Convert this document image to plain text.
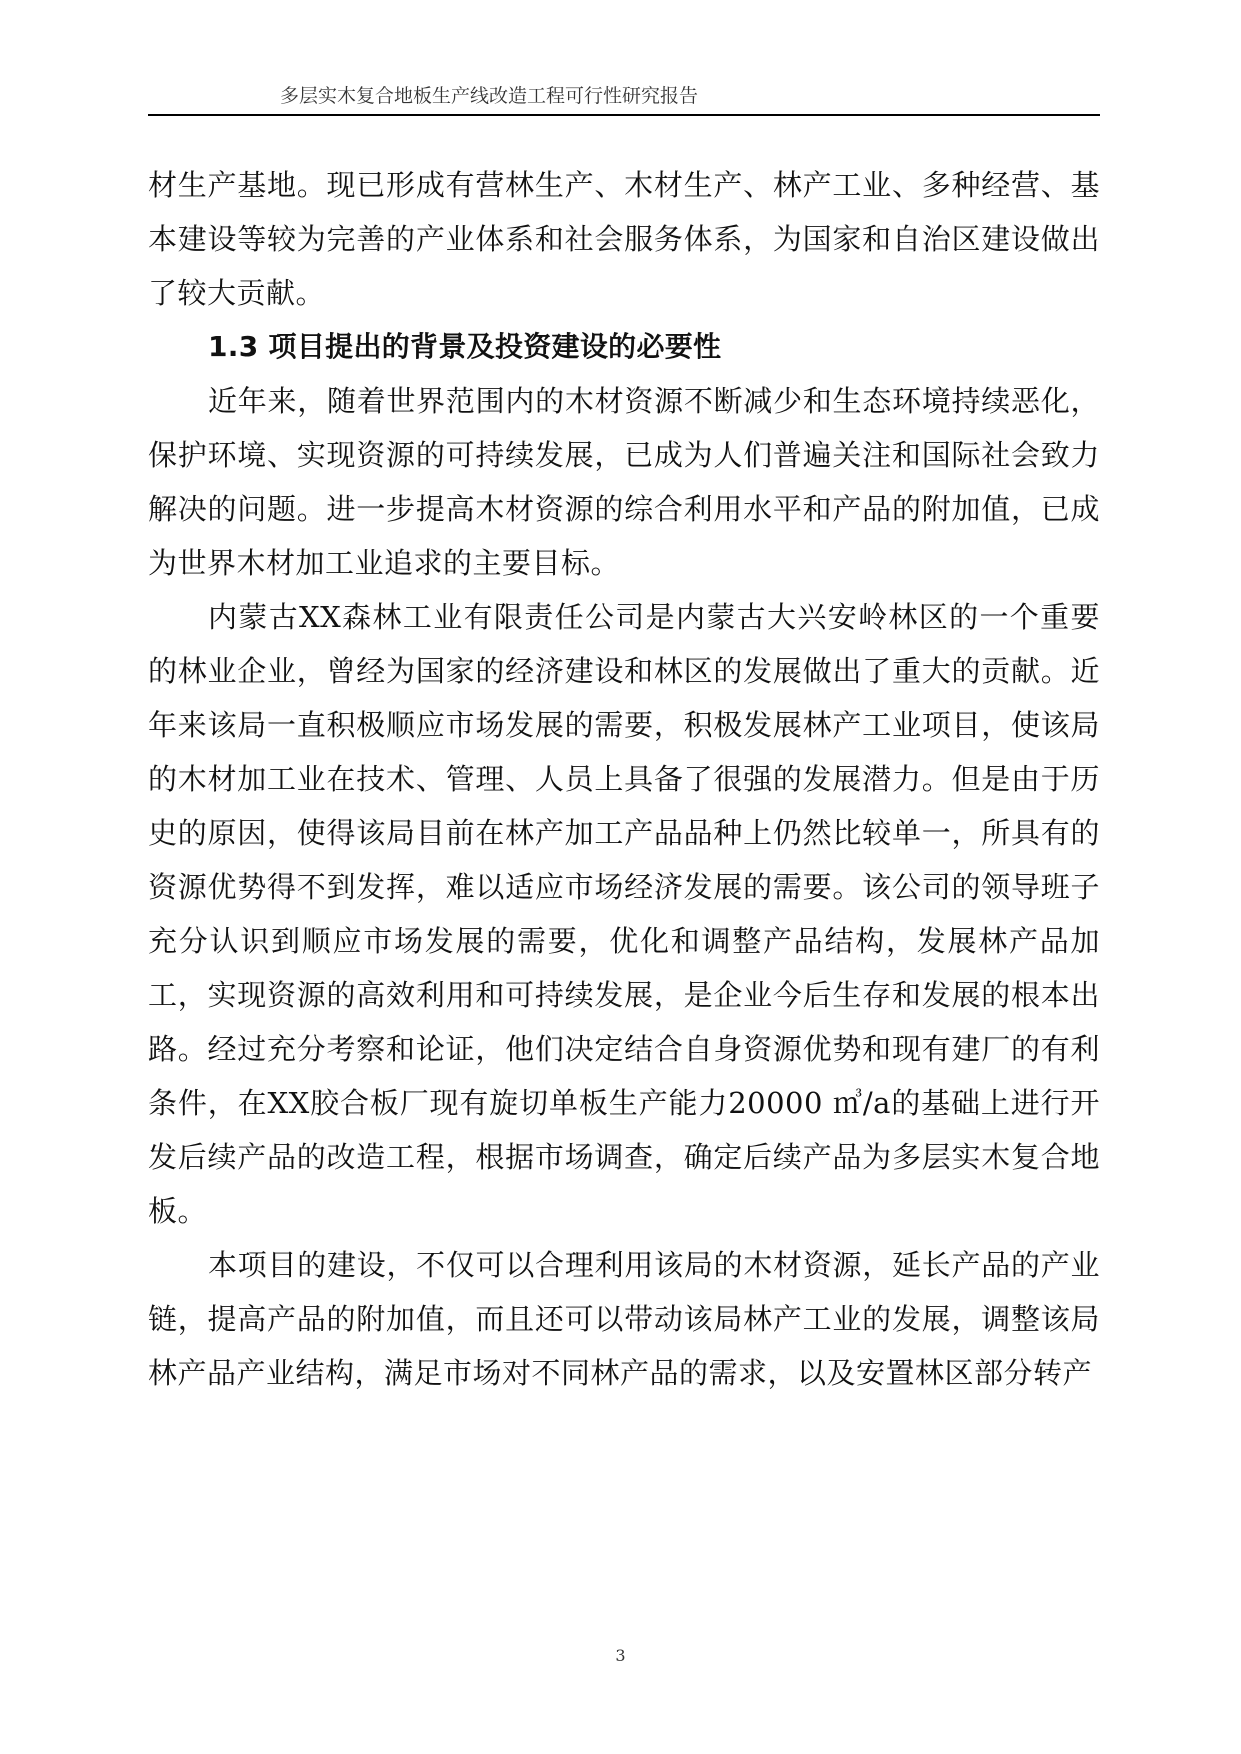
多层实木复合地板生产线改造工程可行性研究报告

材生产基地。现已形成有营林生产、木材生产、林产工业、多种经营、基本建设等较为完善的产业体系和社会服务体系，为国家和自治区建设做出了较大贡献。

1.3 项目提出的背景及投资建设的必要性

近年来，随着世界范围内的木材资源不断减少和生态环境持续恶化，保护环境、实现资源的可持续发展，已成为人们普遍关注和国际社会致力解决的问题。进一步提高木材资源的综合利用水平和产品的附加值，已成为世界木材加工业追求的主要目标。

内蒙古XX森林工业有限责任公司是内蒙古大兴安岭林区的一个重要的林业企业，曾经为国家的经济建设和林区的发展做出了重大的贡献。近年来该局一直积极顺应市场发展的需要，积极发展林产工业项目，使该局的木材加工业在技术、管理、人员上具备了很强的发展潜力。但是由于历史的原因，使得该局目前在林产加工产品品种上仍然比较单一，所具有的资源优势得不到发挥，难以适应市场经济发展的需要。该公司的领导班子充分认识到顺应市场发展的需要，优化和调整产品结构，发展林产品加工，实现资源的高效利用和可持续发展，是企业今后生存和发展的根本出路。经过充分考察和论证，他们决定结合自身资源优势和现有建厂的有利条件，在XX胶合板厂现有旋切单板生产能力20000 ㎥/a的基础上进行开发后续产品的改造工程，根据市场调查，确定后续产品为多层实木复合地板。

本项目的建设，不仅可以合理利用该局的木材资源，延长产品的产业链，提高产品的附加值，而且还可以带动该局林产工业的发展，调整该局林产品产业结构，满足市场对不同林产品的需求，以及安置林区部分转产

3
